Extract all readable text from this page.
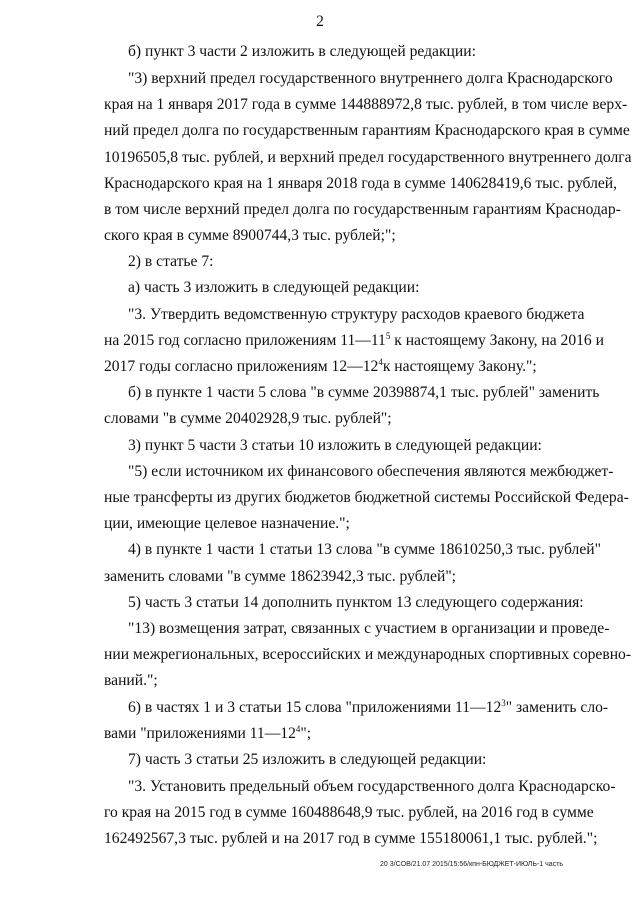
2
б) пункт 3 части 2 изложить в следующей редакции:
"3) верхний предел государственного внутреннего долга Краснодарского
края на 1 января 2017 года в сумме 144888972,8 тыс. рублей, в том числе верх-
ний предел долга по государственным гарантиям Краснодарского края в сумме
10196505,8 тыс. рублей, и верхний предел государственного внутреннего долга
Краснодарского края на 1 января 2018 года в сумме 140628419,6 тыс. рублей,
в том числе верхний предел долга по государственным гарантиям Краснодар-
ского края в сумме 8900744,3 тыс. рублей;";
2) в статье 7:
а) часть 3 изложить в следующей редакции:
"3. Утвердить ведомственную структуру расходов краевого бюджета
на 2015 год согласно приложениям $11—11^5$ к настоящему Закону, на 2016 и
2017 годы согласно приложениям $12—12^4к$ настоящему Закону.";
б) в пункте 1 части 5 слова "в сумме 20398874,1 тыс. рублей" заменить
словами "в сумме 20402928,9 тыс. рублей";
3) пункт 5 части 3 статьи 10 изложить в следующей редакции:
"5) если источником их финансового обеспечения являются межбюджет-
ные трансферты из других бюджетов бюджетной системы Российской Федера-
ции, имеющие целевое назначение.";
4) в пункте 1 части 1 статьи 13 слова "в сумме 18610250,3 тыс. рублей"
заменить словами "в сумме 18623942,3 тыс. рублей";
5) часть 3 статьи 14 дополнить пунктом 13 следующего содержания:
"13) возмещения затрат, связанных с участием в организации и проведе-
нии межрегиональных, всероссийских и международных спортивных соревно-
ваний.";
6) в частях 1 и 3 статьи 15 слова "приложениями $11—12^3$" заменить сло-
вами "приложениями $11—12^4$";
7) часть 3 статьи 25 изложить в следующей редакции:
"3. Установить предельный объем государственного долга Краснодарско-
го края на 2015 год в сумме 160488648,9 тыс. рублей, на 2016 год в сумме
162492567,3 тыс. рублей и на 2017 год в сумме 155180061,1 тыс. рублей.";
20 3/COB/21.07 2015/15:56/кпн-БЮДЖЕТ-ИЮЛЬ-1 часть
